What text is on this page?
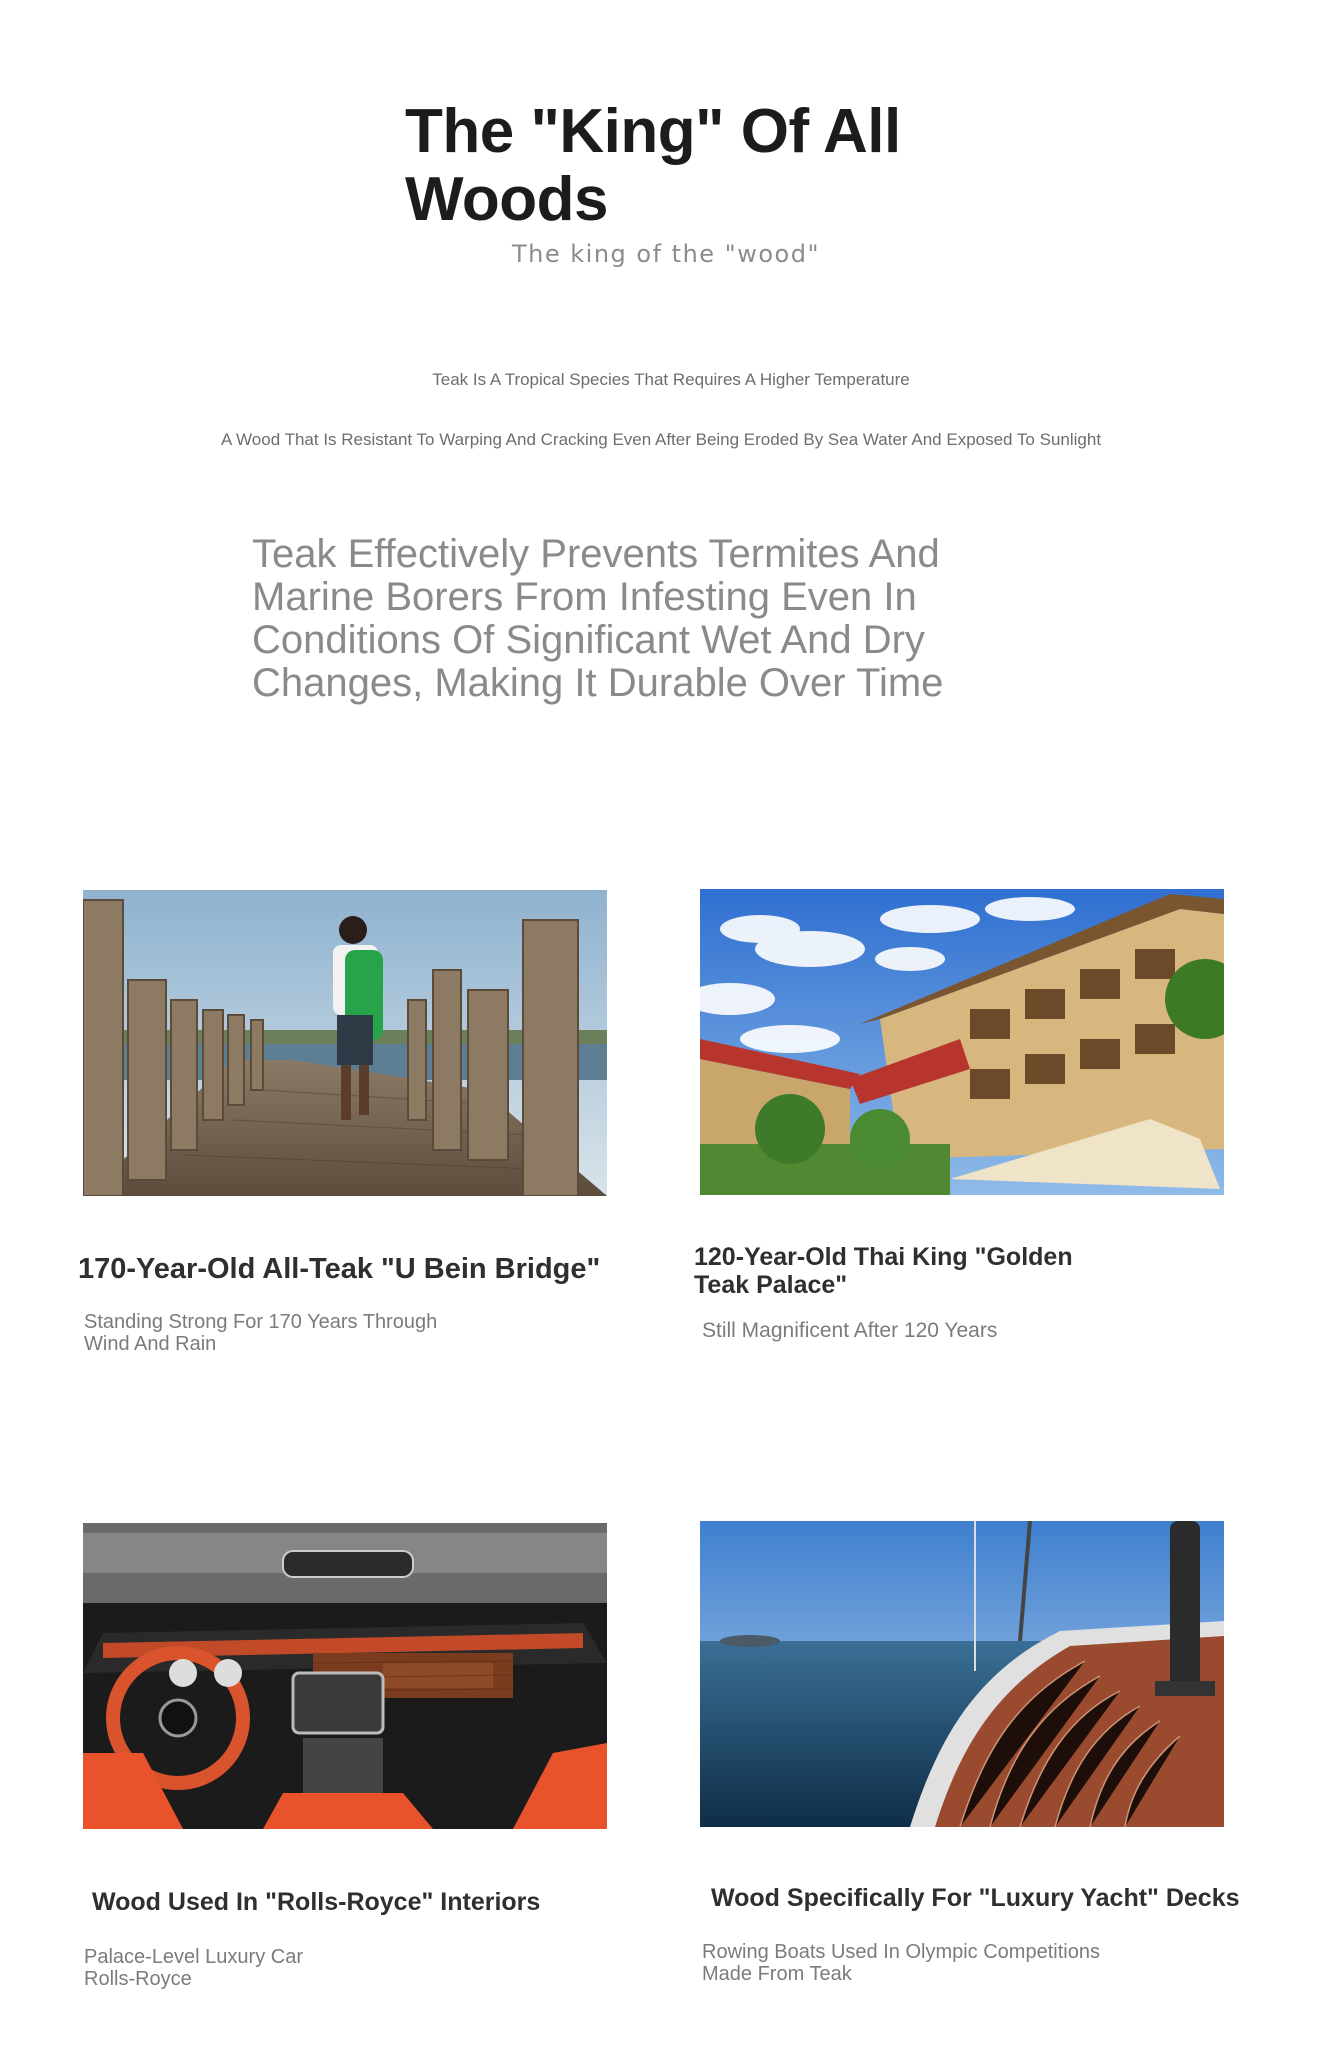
The "King" Of All Woods
The king of the "wood"

Teak Is A Tropical Species That Requires A Higher Temperature

A Wood That Is Resistant To Warping And Cracking Even After Being Eroded By Sea Water And Exposed To Sunlight

Teak Effectively Prevents Termites And Marine Borers From Infesting Even In Conditions Of Significant Wet And Dry Changes, Making It Durable Over Time

170-Year-Old All-Teak "U Bein Bridge"

Standing Strong For 170 Years Through
Wind And Rain

120-Year-Old Thai King "Golden
Teak Palace"

Still Magnificent After 120 Years

Wood Used In "Rolls-Royce" Interiors

Palace-Level Luxury Car
Rolls-Royce

Wood Specifically For "Luxury Yacht" Decks

Rowing Boats Used In Olympic Competitions
Made From Teak
